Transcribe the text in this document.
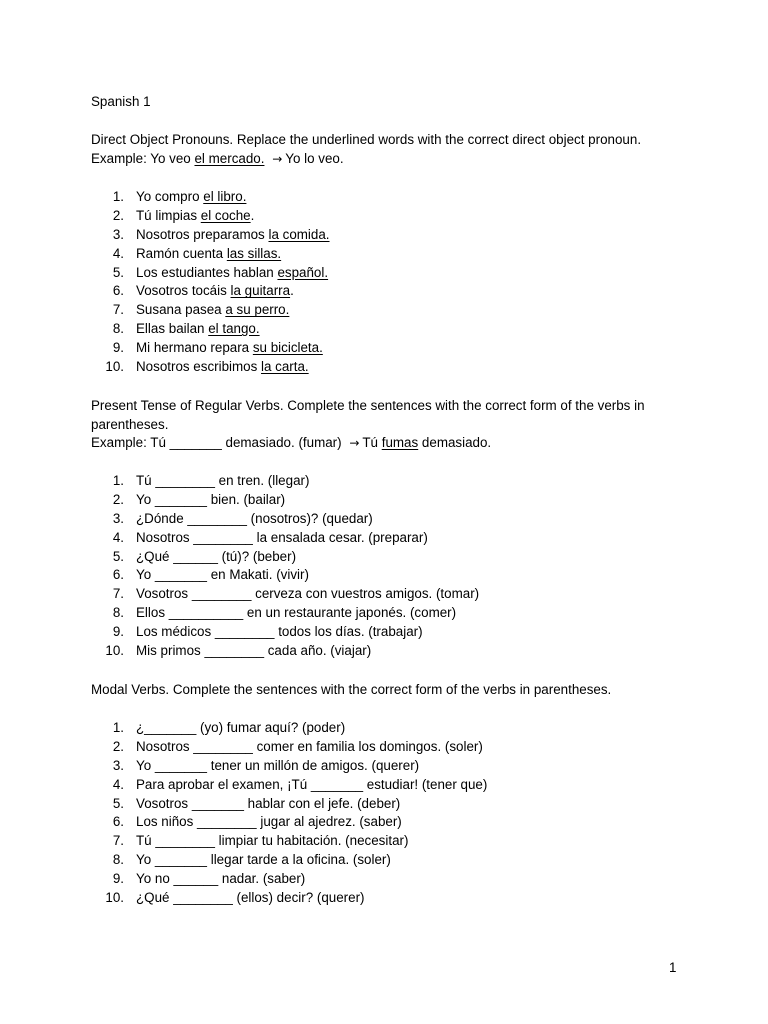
Spanish 1
Direct Object Pronouns. Replace the underlined words with the correct direct object pronoun.
Example: Yo veo el mercado. → Yo lo veo.
1. Yo compro el libro.
2. Tú limpias el coche.
3. Nosotros preparamos la comida.
4. Ramón cuenta las sillas.
5. Los estudiantes hablan español.
6. Vosotros tocáis la guitarra.
7. Susana pasea a su perro.
8. Ellas bailan el tango.
9. Mi hermano repara su bicicleta.
10. Nosotros escribimos la carta.
Present Tense of Regular Verbs. Complete the sentences with the correct form of the verbs in
parentheses.
Example: Tú _______ demasiado. (fumar) → Tú fumas demasiado.
1. Tú ________ en tren. (llegar)
2. Yo _______ bien. (bailar)
3. ¿Dónde ________ (nosotros)? (quedar)
4. Nosotros ________ la ensalada cesar. (preparar)
5. ¿Qué ______ (tú)? (beber)
6. Yo _______ en Makati. (vivir)
7. Vosotros ________ cerveza con vuestros amigos. (tomar)
8. Ellos __________ en un restaurante japonés. (comer)
9. Los médicos ________ todos los días. (trabajar)
10. Mis primos ________ cada año. (viajar)
Modal Verbs. Complete the sentences with the correct form of the verbs in parentheses.
1. ¿_______ (yo) fumar aquí? (poder)
2. Nosotros ________ comer en familia los domingos. (soler)
3. Yo _______ tener un millón de amigos. (querer)
4. Para aprobar el examen, ¡Tú _______ estudiar! (tener que)
5. Vosotros _______ hablar con el jefe. (deber)
6. Los niños ________ jugar al ajedrez. (saber)
7. Tú ________ limpiar tu habitación. (necesitar)
8. Yo _______ llegar tarde a la oficina. (soler)
9. Yo no ______ nadar. (saber)
10. ¿Qué ________ (ellos) decir? (querer)
1
